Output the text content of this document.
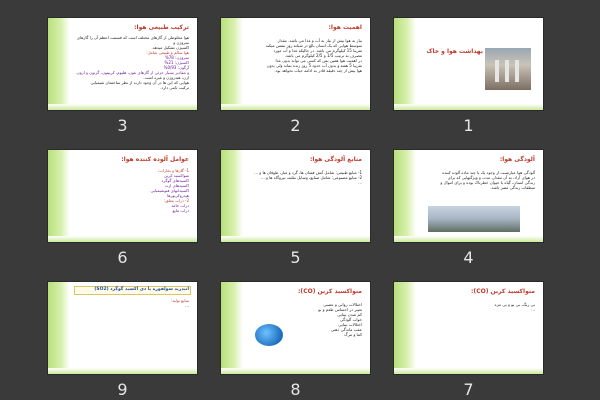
بهداشت هوا و خاک
1
اهمیت هوا:
نیاز به هوا بیش از نیاز به آب و غذا می باشد. مقدار
متوسط هوایی که یک انسان بالغ در شبانه روز تنفس میکند
تقریبا 15 کیلوگرم می باشد. در حالیکه غذا و آب مورد
مصرف به ترتیب 1/5 و 2/5 کیلوگرم می باشد.
در اهمیت هوا همین بس که کسی می تواند بدون غذا
تقریبا 5 هفته و بدون آب حدود 5 روز زنده بماند ولی بدون
هوا بیش از چند دقیقه قادر به ادامه حیات نخواهد بود.
2
ترکیب طبیعی هوا:
هوا مخلوطی از گازهای مختلف است که قسمت اعظم آن را گازهای نیتروژن و
اکسیژن تشکیل میدهد.
هوا سالم و طبیعی شامل:
نیتروژن: 78%
اکسیژن: 21%
آرگون: 0/93%
و مقادیر بسیار جزئی از گازهای نئون، هلیوم، کریپتون، گزنون و ازون.
ازن، هیدروژن و غیره است.
هوایی که این ها در آن وجود دارند از نظر ساختمان شیمیایی
ترکیب ثابتی دارد.
3
آلودگی هوا:
آلودگی هوا عبارتست از وجود یک یا چند ماده آلوده کننده
در هوای آزاد، به آن مقدار، مدت و ویژگیهایی که برای
زندگی انسان، گیاه یا حیوان خطرناک بوده و برای اموال و
منطقات زندگی مضر باشد.
4
منابع آلودگی هوا:
1- منابع طبیعی: شامل آتش فشان ها، گرد و غبار، طوفان ها و ...
2- منابع مصنوعی: شامل صنایع، وسایل نقلیه، نیروگاه ها و ...
...
5
عوامل آلوده کننده هوا:
1- گازها و بخارات:
منواکسید کربن
اکسیدهای گوگرد
اکسیدهای ازت
اکسیدانهای فتوشیمیایی
هیدروکربورها
2- ذرات معلق:
ذرات جامد
ذرات مایع
6
منواکسید کربن (CO):
بی رنگ، بی بو و بی مزه
...
7
منواکسید کربن (CO):
اختلالات روانی و عصبی
تغییر در احساس طعم و بو
کم شدن بینایی
خواب آلودگی
اختلالات بینایی
عقب ماندگی ذهنی
کما و مرگ
8
انیدرید سولفوره یا دی اکسید گوگرد (SO2)
منابع تولید:
...
9
